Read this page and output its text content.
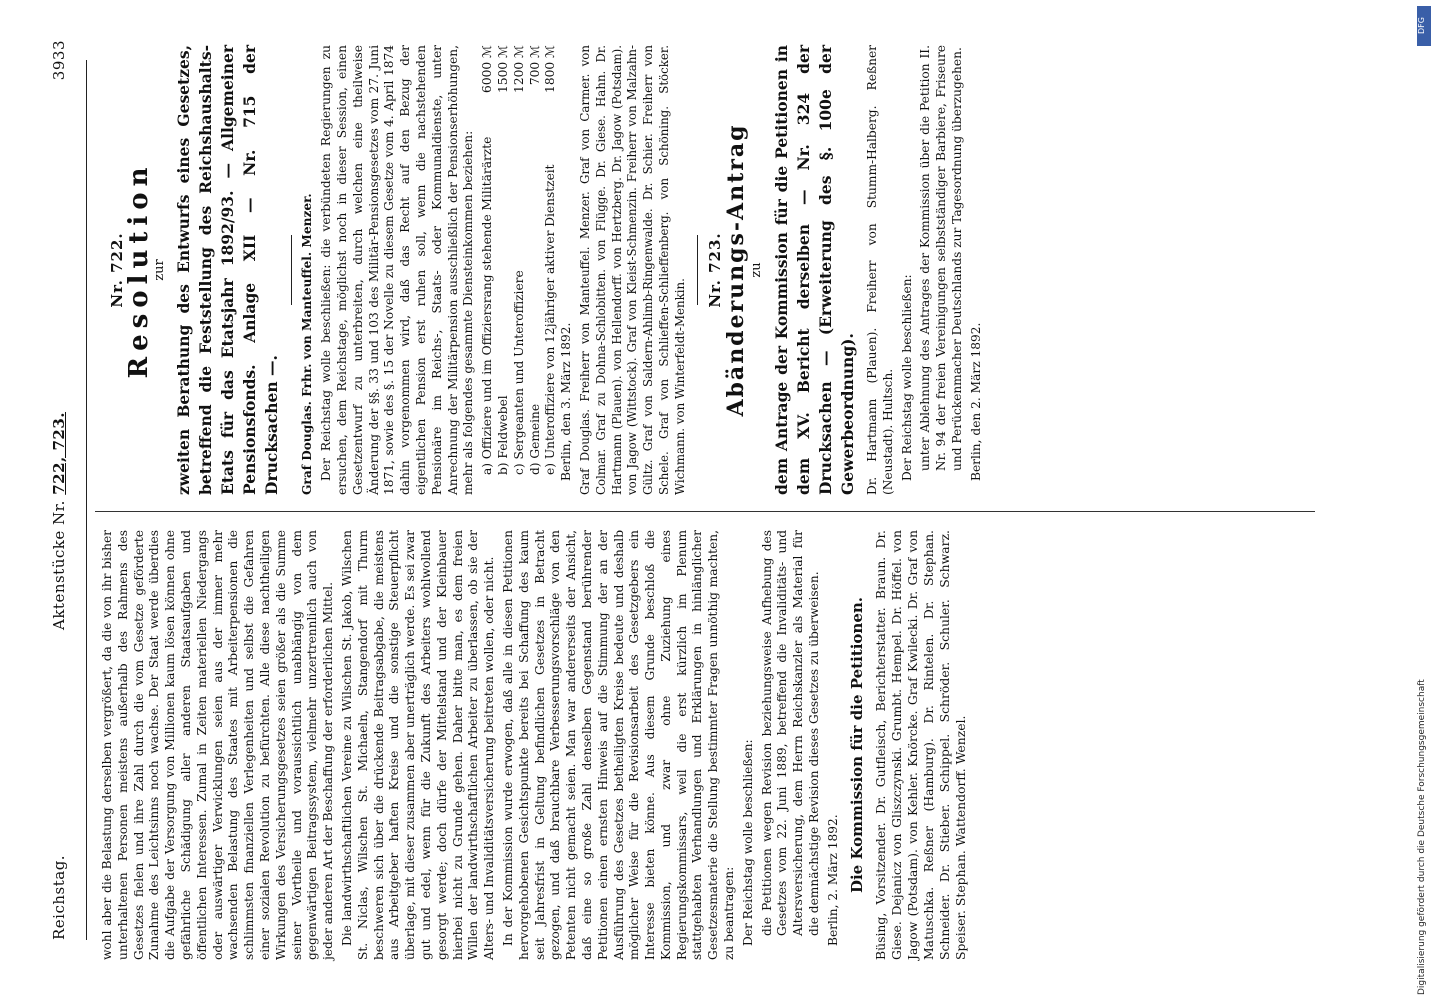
Reichstag.
Aktenstücke Nr. 722, 723.
3933

wohl aber die Belastung derselben vergrößert, da die von ihr bisher unterhaltenen Personen meistens außerhalb des Rahmens des Gesetzes fielen und ihre Zahl durch die vom Gesetze geförderte Zunahme des Leichtsinns noch wachse. Der Staat werde überdies die Aufgabe der Versorgung von Millionen kaum lösen können ohne gefährliche Schädigung aller anderen Staatsaufgaben und öffentlichen Interessen. Zumal in Zeiten materiellen Niedergangs oder auswärtiger Verwicklungen seien aus der immer mehr wachsenden Belastung des Staates mit Arbeiterpensionen die schlimmsten finanziellen Verlegenheiten und selbst die Gefahren einer sozialen Revolution zu befürchten. Alle diese nachtheiligen Wirkungen des Versicherungsgesetzes seien größer als die Summe seiner Vortheile und voraussichtlich unabhängig von dem gegenwärtigen Beitragssystem, vielmehr unzertrennlich auch von jeder anderen Art der Beschaffung der erforderlichen Mittel. Die landwirthschaftlichen Vereine zu Wilschen St. Jakob, Wilschen St. Niclas, Wilschen St. Michaeln, Stangendorf mit Thurm beschweren sich über die drückende Beitragsabgabe, die meistens aus Arbeitgeber haften Kreise und die sonstige Steuerpflicht überlage, mit dieser zusammen aber unerträglich werde. Es sei zwar gut und edel, wenn für die Zukunft des Arbeiters wohlwollend gesorgt werde; doch dürfe der Mittelstand und der Kleinbauer hierbei nicht zu Grunde gehen. Daher bitte man, es dem freien Willen der landwirthschaftlichen Arbeiter zu überlassen, ob sie der Alters- und Invaliditätsversicherung beitreten wollen, oder nicht. In der Kommission wurde erwogen, daß alle in diesen Petitionen hervorgehobenen Gesichtspunkte bereits bei Schaffung des kaum seit Jahresfrist in Geltung befindlichen Gesetzes in Betracht gezogen, und daß brauchbare Verbesserungsvorschläge von den Petenten nicht gemacht seien. Man war andererseits der Ansicht, daß eine so große Zahl denselben Gegenstand berührender Petitionen einen ernsten Hinweis auf die Stimmung der an der Ausführung des Gesetzes betheiligten Kreise bedeute und deshalb möglicher Weise für die Revisionsarbeit des Gesetzgebers ein Interesse bieten könne. Aus diesem Grunde beschloß die Kommission, und zwar ohne Zuziehung eines Regierungskommissars, weil die erst kürzlich im Plenum stattgehabten Verhandlungen und Erklärungen in hinlänglicher Gesetzesmaterie die Stellung bestimmter Fragen unnöthig machten, zu beantragen: Der Reichstag wolle beschließen: die Petitionen wegen Revision beziehungsweise Aufhebung des Gesetzes vom 22. Juni 1889, betreffend die Invaliditäts- und Altersversicherung, dem Herrn Reichskanzler als Material für die demnächstige Revision dieses Gesetzes zu überweisen. Berlin, 2. März 1892. Die Kommission für die Petitionen. Büsing, Vorsitzender. Dr. Gutfleisch, Berichterstatter. Braun. Dr. Giese. Dejanicz von Gliszczynski. Grumbt. Hempel. Dr. Höffel. von Jagow (Potsdam). von Kehler. Knörcke. Graf Kwilecki. Dr. Graf von Matuschka. Reßner (Hamburg). Dr. Rintelen. Dr. Stephan. Schneider. Dr. Stieber. Schippel. Schröder. Schuler. Schwarz. Speiser. Stephan. Wattendorff. Wenzel.

Nr. 722.

Resolution

zur zweiten Berathung des Entwurfs eines Gesetzes, betreffend die Feststellung des Reichshaushalts-Etats für das Etatsjahr 1892/93. — Allgemeiner Pensionsfonds. Anlage XII — Nr. 715 der Drucksachen —. Graf Douglas. Frhr. von Manteuffel. Menzer. Der Reichstag wolle beschließen: die verbündeten Regierungen zu ersuchen, dem Reichstage, möglichst noch in dieser Session, einen Gesetzentwurf zu unterbreiten, durch welchen eine theilweise Änderung der §§. 33 und 103 des Militär-Pensionsgesetzes vom 27. Juni 1871, sowie des §. 15 der Novelle zu diesem Gesetze vom 4. April 1874 dahin vorgenommen wird, daß das Recht auf den Bezug der eigentlichen Pension erst ruhen soll, wenn die nachstehenden Pensionäre im Reichs-, Staats- oder Kommunaldienste, unter Anrechnung der Militärpension ausschließlich der Pensionserhöhungen, mehr als folgendes gesammte Diensteinkommen beziehen: a) Offiziere und im Offiziersrang stehende Militärärzte
6000 ℳ
b) Feldwebel
1500 ℳ
c) Sergeanten und Unteroffiziere
1200 ℳ
d) Gemeine
700 ℳ
e) Unteroffiziere von 12jähriger aktiver Dienstzeit
1800 ℳ

Berlin, den 3. März 1892. Graf Douglas. Freiherr von Manteuffel. Menzer. Graf von Carmer. von Colmar. Graf zu Dohna-Schlobitten. von Flügge. Dr. Giese. Hahn. Dr. Hartmann (Plauen). von Hellendorff. von Hertzberg. Dr. Jagow (Potsdam). von Jagow (Wittstock). Graf von Kleist-Schmenzin. Freiherr von Malzahn-Gültz. Graf von Saldern-Ahlimb-Ringenwalde. Dr. Schier. Freiherr von Schele. Graf von Schlieffen-Schlieffenberg. von Schöning. Stöcker. Wichmann. von Winterfeldt-Menkin.

Nr. 723. Abänderungs-Antrag zu dem Antrage der Kommission für die Petitionen in dem XV. Bericht derselben — Nr. 324 der Drucksachen — (Erweiterung des §. 100e der Gewerbeordnung). Dr. Hartmann (Plauen). Freiherr von Stumm-Halberg. Reßner (Neustadt). Hultsch. Der Reichstag wolle beschließen: unter Ablehnung des Antrages der Kommission über die Petition II. Nr. 94 der freien Vereinigungen selbstständiger Barbiere, Friseure und Perückenmacher Deutschlands zur Tagesordnung überzugehen. Berlin, den 2. März 1892.

DFG
Digitalisierung gefördert durch die Deutsche Forschungsgemeinschaft
